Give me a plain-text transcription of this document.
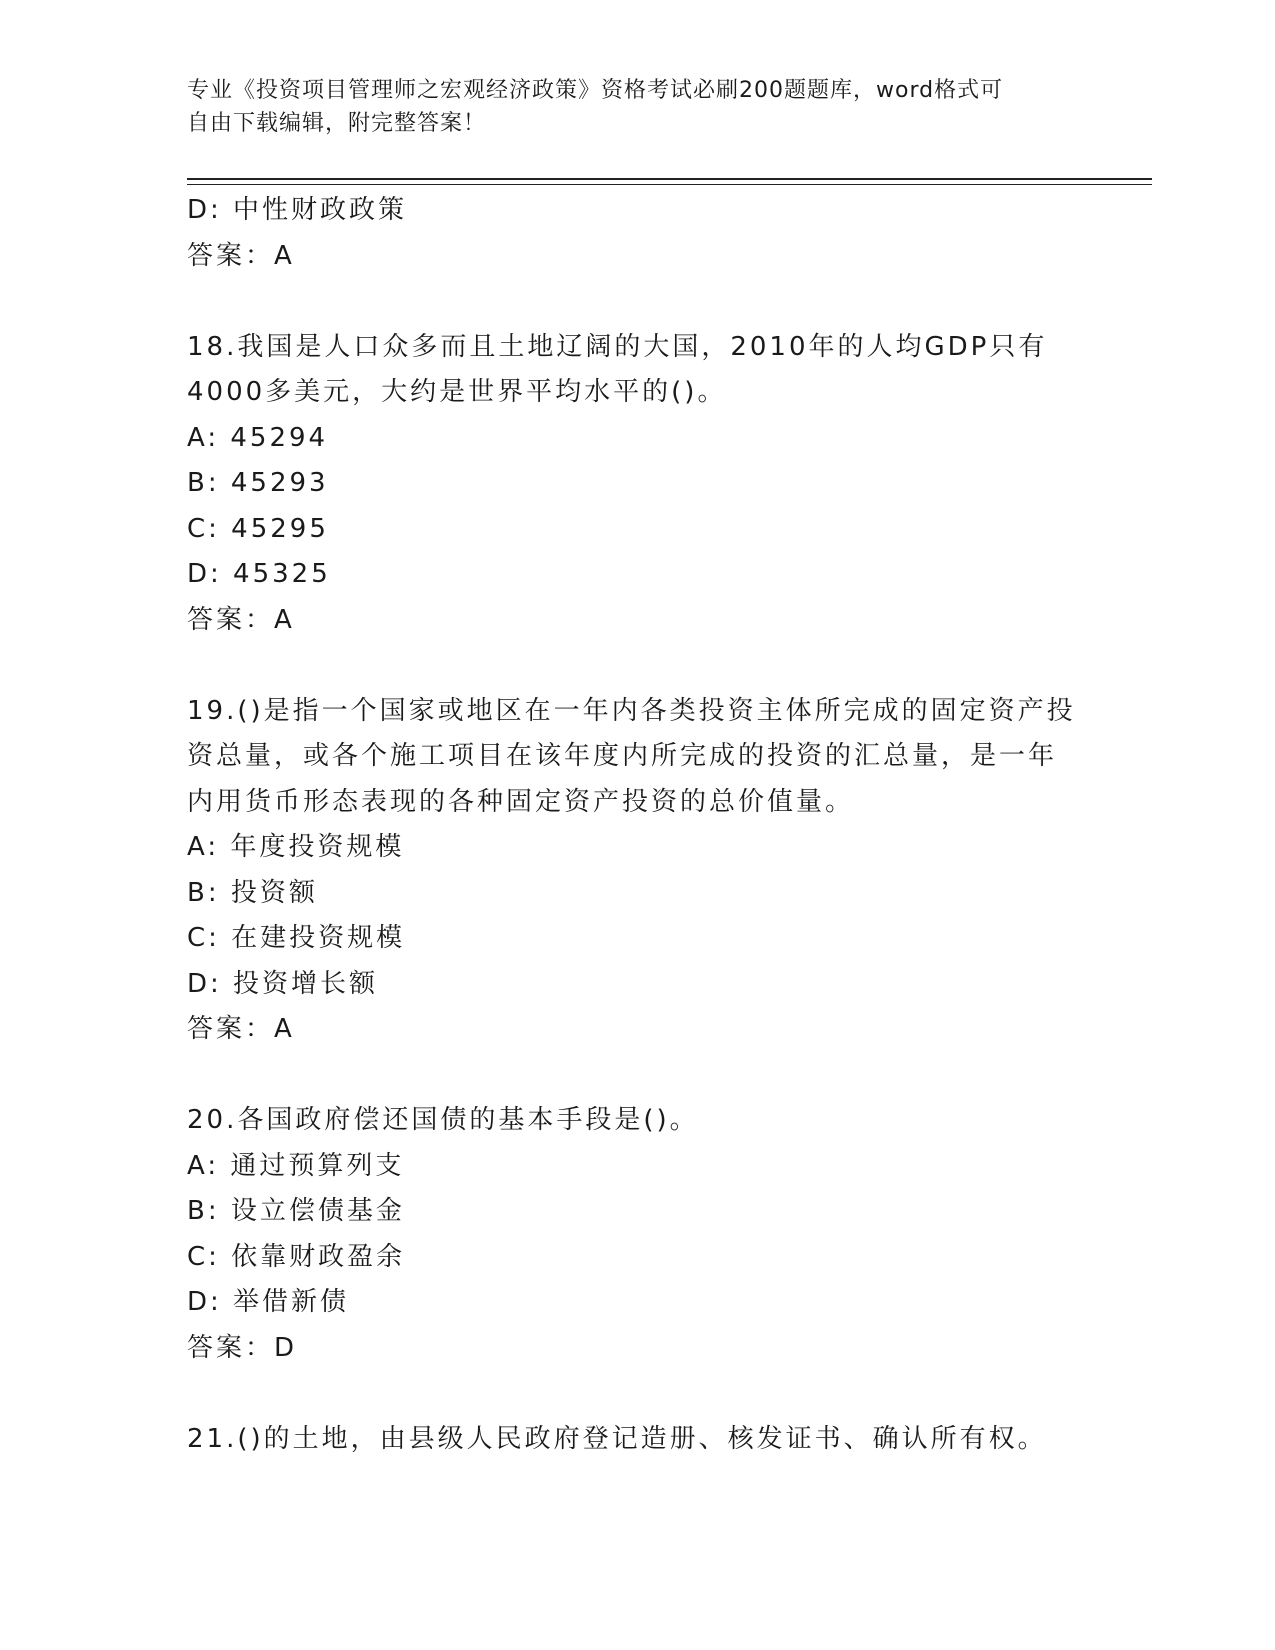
专业《投资项目管理师之宏观经济政策》资格考试必刷200题题库，word格式可
自由下载编辑，附完整答案！
D: 中性财政政策
答案：A
18.我国是人口众多而且土地辽阔的大国，2010年的人均GDP只有
4000多美元，大约是世界平均水平的()。
A: 45294
B: 45293
C: 45295
D: 45325
答案：A
19.()是指一个国家或地区在一年内各类投资主体所完成的固定资产投
资总量，或各个施工项目在该年度内所完成的投资的汇总量，是一年
内用货币形态表现的各种固定资产投资的总价值量。
A: 年度投资规模
B: 投资额
C: 在建投资规模
D: 投资增长额
答案：A
20.各国政府偿还国债的基本手段是()。
A: 通过预算列支
B: 设立偿债基金
C: 依靠财政盈余
D: 举借新债
答案：D
21.()的土地，由县级人民政府登记造册、核发证书、确认所有权。
